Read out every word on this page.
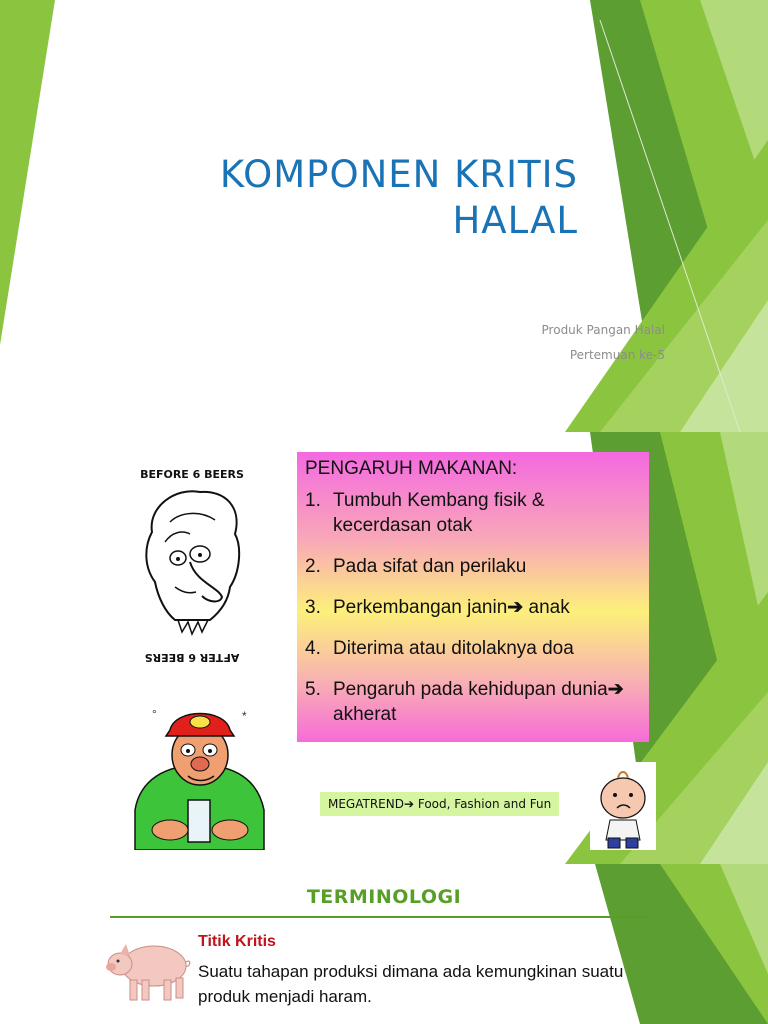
KOMPONEN KRITIS
HALAL
Produk Pangan Halal
Pertemuan ke-5
BEFORE 6 BEERS
AFTER 6 BEERS
°	*

PENGARUH MAKANAN:

1. Tumbuh Kembang fisik & kecerdasan otak
2. Pada sifat dan perilaku
3. Perkembangan janin➔ anak
4. Diterima atau ditolaknya doa
5. Pengaruh pada kehidupan dunia➔ akherat
MEGATREND➔ Food, Fashion and Fun
TERMINOLOGI
Titik Kritis
Suatu tahapan produksi dimana ada kemungkinan suatu produk menjadi haram.
